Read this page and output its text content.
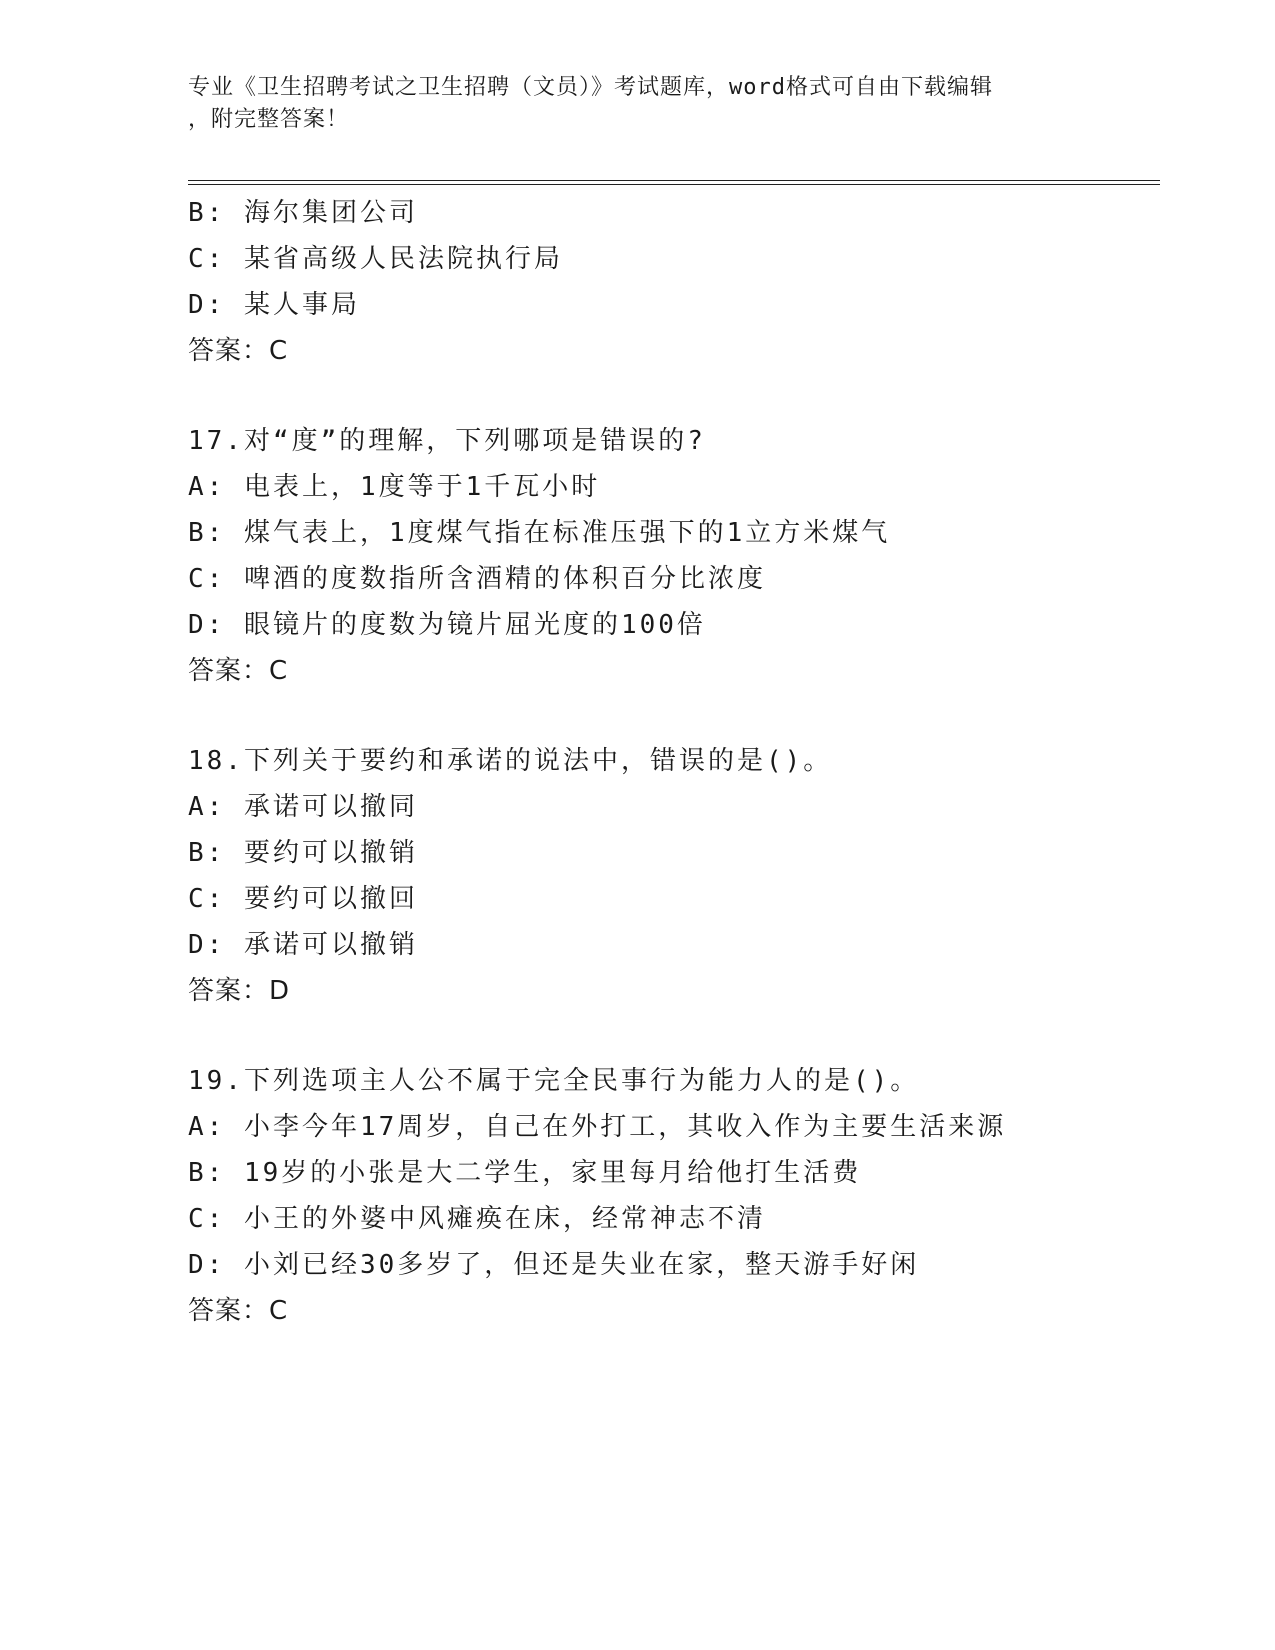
专业《卫生招聘考试之卫生招聘（文员）》考试题库，word格式可自由下载编辑
，附完整答案！
B: 海尔集团公司
C: 某省高级人民法院执行局
D: 某人事局
答案：C
17.对“度”的理解，下列哪项是错误的?
A: 电表上，1度等于1千瓦小时
B: 煤气表上，1度煤气指在标准压强下的1立方米煤气
C: 啤酒的度数指所含酒精的体积百分比浓度
D: 眼镜片的度数为镜片屈光度的100倍
答案：C
18.下列关于要约和承诺的说法中，错误的是()。
A: 承诺可以撤同
B: 要约可以撤销
C: 要约可以撤回
D: 承诺可以撤销
答案：D
19.下列选项主人公不属于完全民事行为能力人的是()。
A: 小李今年17周岁，自己在外打工，其收入作为主要生活来源
B: 19岁的小张是大二学生，家里每月给他打生活费
C: 小王的外婆中风瘫痪在床，经常神志不清
D: 小刘已经30多岁了，但还是失业在家，整天游手好闲
答案：C
